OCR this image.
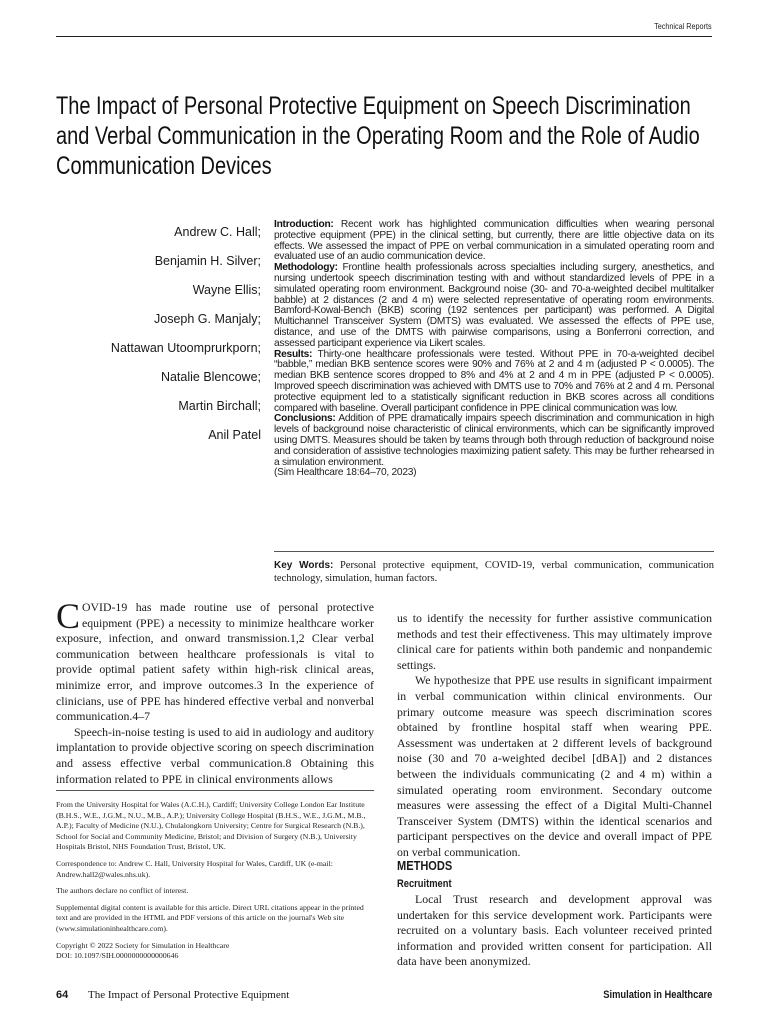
Technical Reports
The Impact of Personal Protective Equipment on Speech Discrimination and Verbal Communication in the Operating Room and the Role of Audio Communication Devices
Andrew C. Hall;
Benjamin H. Silver;
Wayne Ellis;
Joseph G. Manjaly;
Nattawan Utoomprurkporn;
Natalie Blencowe;
Martin Birchall;
Anil Patel

Introduction: Recent work has highlighted communication difficulties when wearing personal protective equipment (PPE) in the clinical setting, but currently, there are little objective data on its effects. We assessed the impact of PPE on verbal communication in a simulated operating room and evaluated use of an audio communication device.

Methodology: Frontline health professionals across specialties including surgery, anesthetics, and nursing undertook speech discrimination testing with and without standardized levels of PPE in a simulated operating room environment. Background noise (30- and 70-a-weighted decibel multitalker babble) at 2 distances (2 and 4 m) were selected representative of operating room environments. Bamford-Kowal-Bench (BKB) scoring (192 sentences per participant) was performed. A Digital Multichannel Transceiver System (DMTS) was evaluated. We assessed the effects of PPE use, distance, and use of the DMTS with pairwise comparisons, using a Bonferroni correction, and assessed participant experience via Likert scales.

Results: Thirty-one healthcare professionals were tested. Without PPE in 70-a-weighted decibel “babble,” median BKB sentence scores were 90% and 76% at 2 and 4 m (adjusted P < 0.0005). The median BKB sentence scores dropped to 8% and 4% at 2 and 4 m in PPE (adjusted P < 0.0005). Improved speech discrimination was achieved with DMTS use to 70% and 76% at 2 and 4 m. Personal protective equipment led to a statistically significant reduction in BKB scores across all conditions compared with baseline. Overall participant confidence in PPE clinical communication was low.

Conclusions: Addition of PPE dramatically impairs speech discrimination and communication in high levels of background noise characteristic of clinical environments, which can be significantly improved using DMTS. Measures should be taken by teams through both through reduction of background noise and consideration of assistive technologies maximizing patient safety. This may be further rehearsed in a simulation environment.

(Sim Healthcare 18:64–70, 2023)
Key Words: Personal protective equipment, COVID-19, verbal communication, communication technology, simulation, human factors.

COVID-19 has made routine use of personal protective equipment (PPE) a necessity to minimize healthcare worker exposure, infection, and onward transmission.1,2 Clear verbal communication between healthcare professionals is vital to provide optimal patient safety within high-risk clinical areas, minimize error, and improve outcomes.3 In the experience of clinicians, use of PPE has hindered effective verbal and nonverbal communication.4–7

Speech-in-noise testing is used to aid in audiology and auditory implantation to provide objective scoring on speech discrimination and assess effective verbal communication.8 Obtaining this information related to PPE in clinical environments allows

From the University Hospital for Wales (A.C.H.), Cardiff; University College London Ear Institute (B.H.S., W.E., J.G.M., N.U., M.B., A.P.); University College Hospital (B.H.S., W.E., J.G.M., M.B., A.P.); Faculty of Medicine (N.U.), Chulalongkorn University; Centre for Surgical Research (N.B.), School for Social and Community Medicine, Bristol; and Division of Surgery (N.B.), University Hospitals Bristol, NHS Foundation Trust, Bristol, UK.

Correspondence to: Andrew C. Hall, University Hospital for Wales, Cardiff, UK (e-mail: Andrew.hall2@wales.nhs.uk).

The authors declare no conflict of interest.

Supplemental digital content is available for this article. Direct URL citations appear in the printed text and are provided in the HTML and PDF versions of this article on the journal's Web site (www.simulationinhealthcare.com).

Copyright © 2022 Society for Simulation in Healthcare
DOI: 10.1097/SIH.0000000000000646

us to identify the necessity for further assistive communication methods and test their effectiveness. This may ultimately improve clinical care for patients within both pandemic and nonpandemic settings.

We hypothesize that PPE use results in significant impairment in verbal communication within clinical environments. Our primary outcome measure was speech discrimination scores obtained by frontline hospital staff when wearing PPE. Assessment was undertaken at 2 different levels of background noise (30 and 70 a-weighted decibel [dBA]) and 2 distances between the individuals communicating (2 and 4 m) within a simulated operating room environment. Secondary outcome measures were assessing the effect of a Digital Multi-Channel Transceiver System (DMTS) within the identical scenarios and participant perspectives on the device and overall impact of PPE on verbal communication.

METHODS
Recruitment

Local Trust research and development approval was undertaken for this service development work. Participants were recruited on a voluntary basis. Each volunteer received printed information and provided written consent for participation. All data have been anonymized.

64 The Impact of Personal Protective Equipment	Simulation in Healthcare
